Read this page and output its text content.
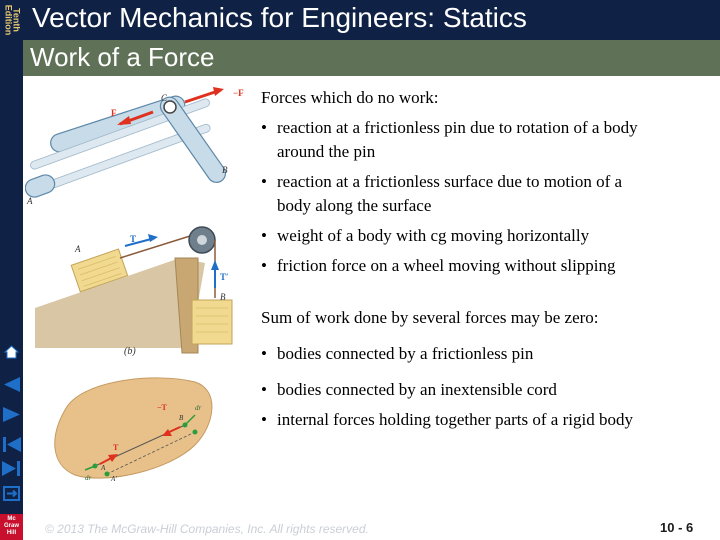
Tenth
Edition
Mc
Graw
Hill
Vector Mechanics for Engineers: Statics
Work of a Force
F
−F
C
B
A
A
T
T′
B
(b)
T
−T	dr
dr
A
A′
B
Forces which do no work:
• reaction at a frictionless pin due to rotation of a body
around the pin
• reaction at a frictionless surface due to motion of a
body along the surface
• weight of a body with cg moving horizontally
• friction force on a wheel moving without slipping
Sum of work done by several forces may be zero:
• bodies connected by a frictionless pin
• bodies connected by an inextensible cord
• internal forces holding together parts of a rigid body
© 2013 The McGraw-Hill Companies, Inc. All rights reserved.	10 - 6
